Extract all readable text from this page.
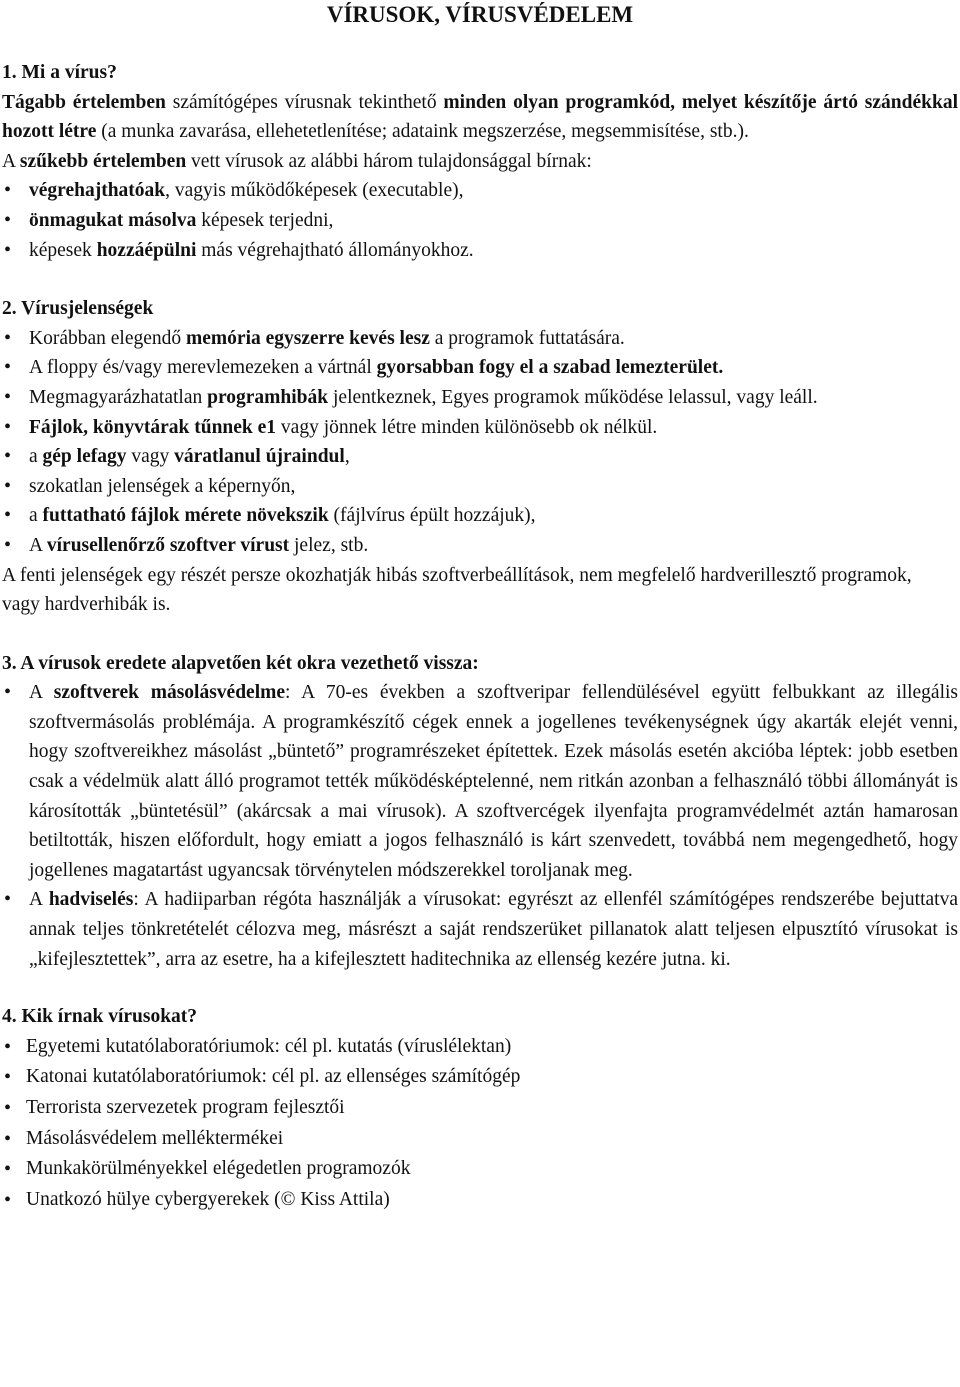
VÍRUSOK, VÍRUSVÉDELEM
1. Mi a vírus?

Tágabb értelemben számítógépes vírusnak tekinthető minden olyan programkód, melyet készítője ártó szándékkal hozott létre (a munka zavarása, ellehetetlenítése; adataink megszerzése, megsemmisítése, stb.).

A szűkebb értelemben vett vírusok az alábbi három tulajdonsággal bírnak:

• végrehajthatóak, vagyis működőképesek (executable),
• önmagukat másolva képesek terjedni,
• képesek hozzáépülni más végrehajtható állományokhoz.
2. Vírusjelenségek
• Korábban elegendő memória egyszerre kevés lesz a programok futtatására.
• A floppy és/vagy merevlemezeken a vártnál gyorsabban fogy el a szabad lemezterület.
• Megmagyarázhatatlan programhibák jelentkeznek, Egyes programok működése lelassul, vagy leáll.
• Fájlok, könyvtárak tűnnek e1 vagy jönnek létre minden különösebb ok nélkül.
• a gép lefagy vagy váratlanul újraindul,
• szokatlan jelenségek a képernyőn,
• a futtatható fájlok mérete növekszik (fájlvírus épült hozzájuk),
• A vírusellenőrző szoftver vírust jelez, stb.

A fenti jelenségek egy részét persze okozhatják hibás szoftverbeállítások, nem megfelelő hardverillesztő programok, vagy hardverhibák is.

3. A vírusok eredete alapvetően két okra vezethető vissza:
• A szoftverek másolásvédelme: A 70-es években a szoftveripar fellendülésével együtt felbukkant az illegális szoftvermásolás problémája. A programkészítő cégek ennek a jogellenes tevékenységnek úgy akarták elejét venni, hogy szoftvereikhez másolást „büntető” programrészeket építettek. Ezek másolás esetén akcióba léptek: jobb esetben csak a védelmük alatt álló programot tették működésképtelenné, nem ritkán azonban a felhasználó többi állományát is károsították „büntetésül” (akárcsak a mai vírusok). A szoftvercégek ilyenfajta programvédelmét aztán hamarosan betiltották, hiszen előfordult, hogy emiatt a jogos felhasználó is kárt szenvedett, továbbá nem megengedhető, hogy jogellenes magatartást ugyancsak törvénytelen módszerekkel toroljanak meg.
• A hadviselés: A hadiiparban régóta használják a vírusokat: egyrészt az ellenfél számítógépes rendszerébe bejuttatva annak teljes tönkretételét célozva meg, másrészt a saját rendszerüket pillanatok alatt teljesen elpusztító vírusokat is „kifejlesztettek”, arra az esetre, ha a kifejlesztett haditechnika az ellenség kezére jutna. ki.
4. Kik írnak vírusokat?
• Egyetemi kutatólaboratóriumok: cél pl. kutatás (víruslélektan)
• Katonai kutatólaboratóriumok: cél pl. az ellenséges számítógép
• Terrorista szervezetek program fejlesztői
• Másolásvédelem melléktermékei
• Munkakörülményekkel elégedetlen programozók
• Unatkozó hülye cybergyerekek (© Kiss Attila)
